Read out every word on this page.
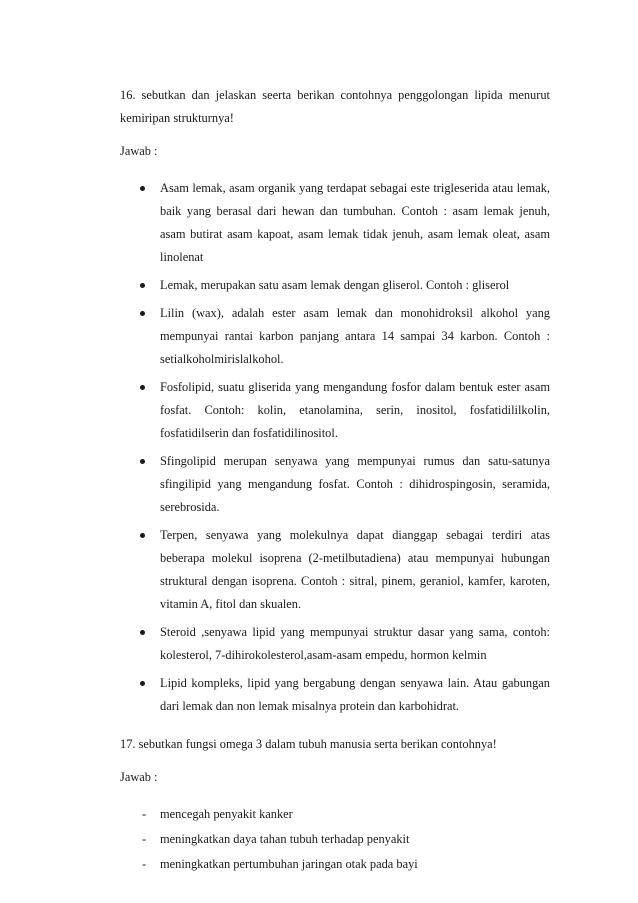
16. sebutkan dan jelaskan seerta berikan contohnya penggolongan lipida menurut kemiripan strukturnya!

Jawab :

Asam lemak, asam organik yang terdapat sebagai este trigleserida atau lemak, baik yang berasal dari hewan dan tumbuhan. Contoh : asam lemak jenuh, asam butirat asam kapoat, asam lemak tidak jenuh, asam lemak oleat, asam linolenat
Lemak, merupakan satu asam lemak dengan gliserol. Contoh : gliserol
Lilin (wax), adalah ester asam lemak dan monohidroksil alkohol yang mempunyai rantai karbon panjang antara 14 sampai 34 karbon. Contoh : setialkoholmirislalkohol.
Fosfolipid, suatu gliserida yang mengandung fosfor dalam bentuk ester asam fosfat. Contoh: kolin, etanolamina, serin, inositol, fosfatidililkolin, fosfatidilserin dan fosfatidilinositol.
Sfingolipid merupan senyawa yang mempunyai rumus dan satu-satunya sfingilipid yang mengandung fosfat. Contoh : dihidrospingosin, seramida, serebrosida.
Terpen, senyawa yang molekulnya dapat dianggap sebagai terdiri atas beberapa molekul isoprena (2-metilbutadiena) atau mempunyai hubungan struktural dengan isoprena. Contoh : sitral, pinem, geraniol, kamfer, karoten, vitamin A, fitol dan skualen.
Steroid ,senyawa lipid yang mempunyai struktur dasar yang sama, contoh: kolesterol, 7-dihirokolesterol,asam-asam empedu, hormon kelmin
Lipid kompleks, lipid yang bergabung dengan senyawa lain. Atau gabungan dari lemak dan non lemak misalnya protein dan karbohidrat.

17. sebutkan fungsi omega 3 dalam tubuh manusia serta berikan contohnya!

Jawab :

- mencegah penyakit kanker
- meningkatkan daya tahan tubuh terhadap penyakit
- meningkatkan pertumbuhan jaringan otak pada bayi
